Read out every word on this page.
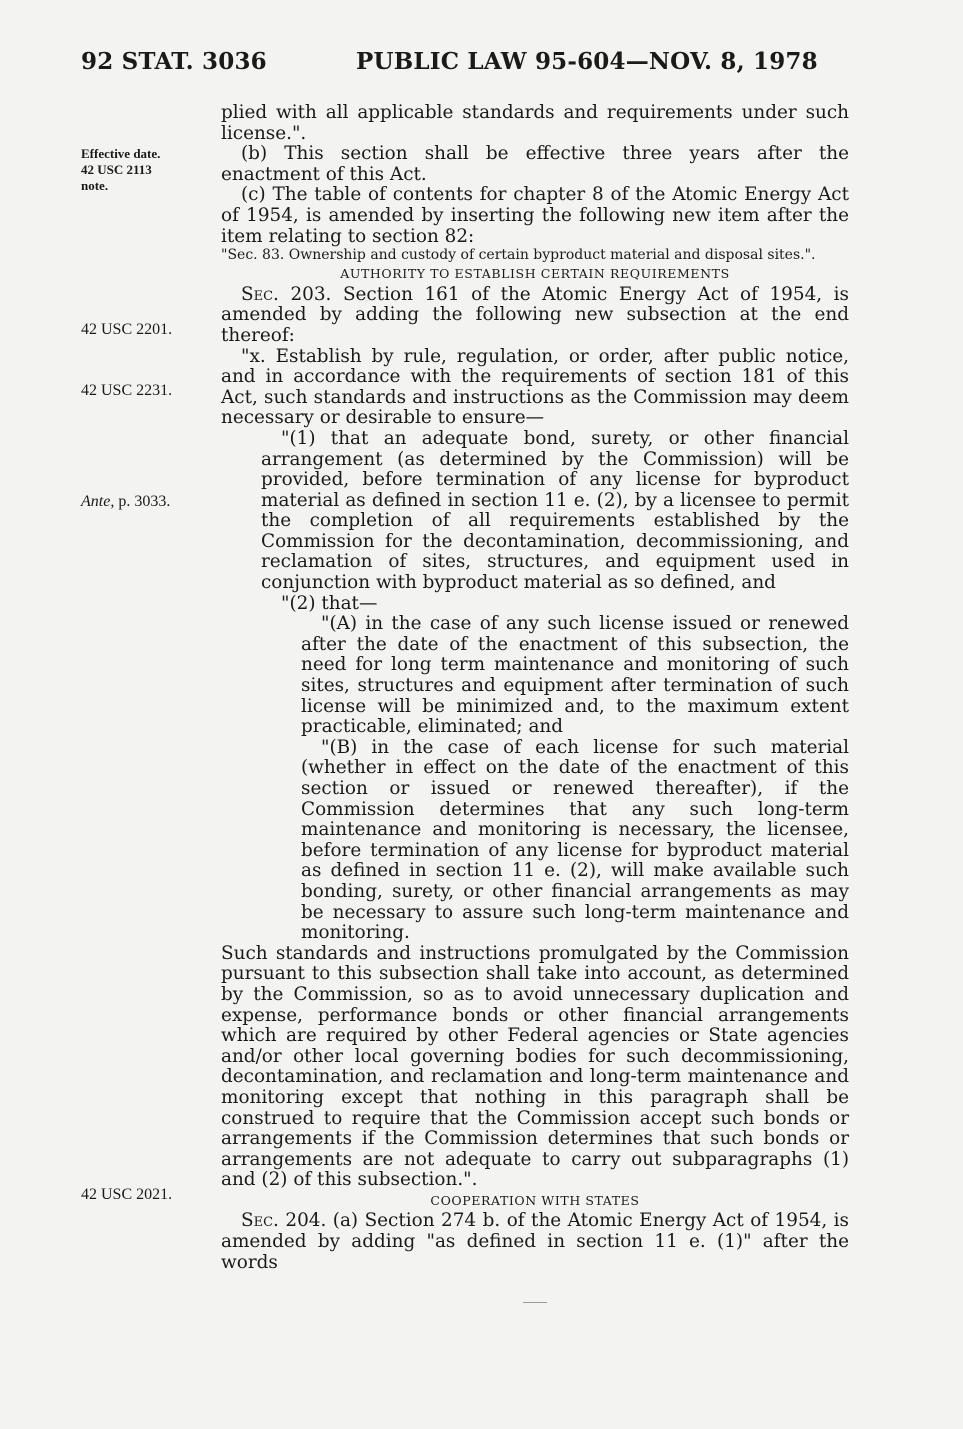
92 STAT. 3036	PUBLIC LAW 95-604—NOV. 8, 1978
Effective date.
42 USC 2113
note.
42 USC 2201.
42 USC 2231.
Ante, p. 3033.
42 USC 2021.

plied with all applicable standards and requirements under such license.".

(b) This section shall be effective three years after the enactment of this Act.

(c) The table of contents for chapter 8 of the Atomic Energy Act of 1954, is amended by inserting the following new item after the item relating to section 82:

"Sec. 83. Ownership and custody of certain byproduct material and disposal sites.".

AUTHORITY TO ESTABLISH CERTAIN REQUIREMENTS

Sec. 203. Section 161 of the Atomic Energy Act of 1954, is amended by adding the following new subsection at the end thereof:

"x. Establish by rule, regulation, or order, after public notice, and in accordance with the requirements of section 181 of this Act, such standards and instructions as the Commission may deem necessary or desirable to ensure—

"(1) that an adequate bond, surety, or other financial arrangement (as determined by the Commission) will be provided, before termination of any license for byproduct material as defined in section 11 e. (2), by a licensee to permit the completion of all requirements established by the Commission for the decontamination, decommissioning, and reclamation of sites, structures, and equipment used in conjunction with byproduct material as so defined, and

"(2) that—

"(A) in the case of any such license issued or renewed after the date of the enactment of this subsection, the need for long term maintenance and monitoring of such sites, structures and equipment after termination of such license will be minimized and, to the maximum extent practicable, eliminated; and

"(B) in the case of each license for such material (whether in effect on the date of the enactment of this section or issued or renewed thereafter), if the Commission determines that any such long-term maintenance and monitoring is necessary, the licensee, before termination of any license for byproduct material as defined in section 11 e. (2), will make available such bonding, surety, or other financial arrangements as may be necessary to assure such long-term maintenance and monitoring.

Such standards and instructions promulgated by the Commission pursuant to this subsection shall take into account, as determined by the Commission, so as to avoid unnecessary duplication and expense, performance bonds or other financial arrangements which are required by other Federal agencies or State agencies and/or other local governing bodies for such decommissioning, decontamination, and reclamation and long-term maintenance and monitoring except that nothing in this paragraph shall be construed to require that the Commission accept such bonds or arrangements if the Commission determines that such bonds or arrangements are not adequate to carry out subparagraphs (1) and (2) of this subsection.".

COOPERATION WITH STATES

Sec. 204. (a) Section 274 b. of the Atomic Energy Act of 1954, is amended by adding "as defined in section 11 e. (1)" after the words
